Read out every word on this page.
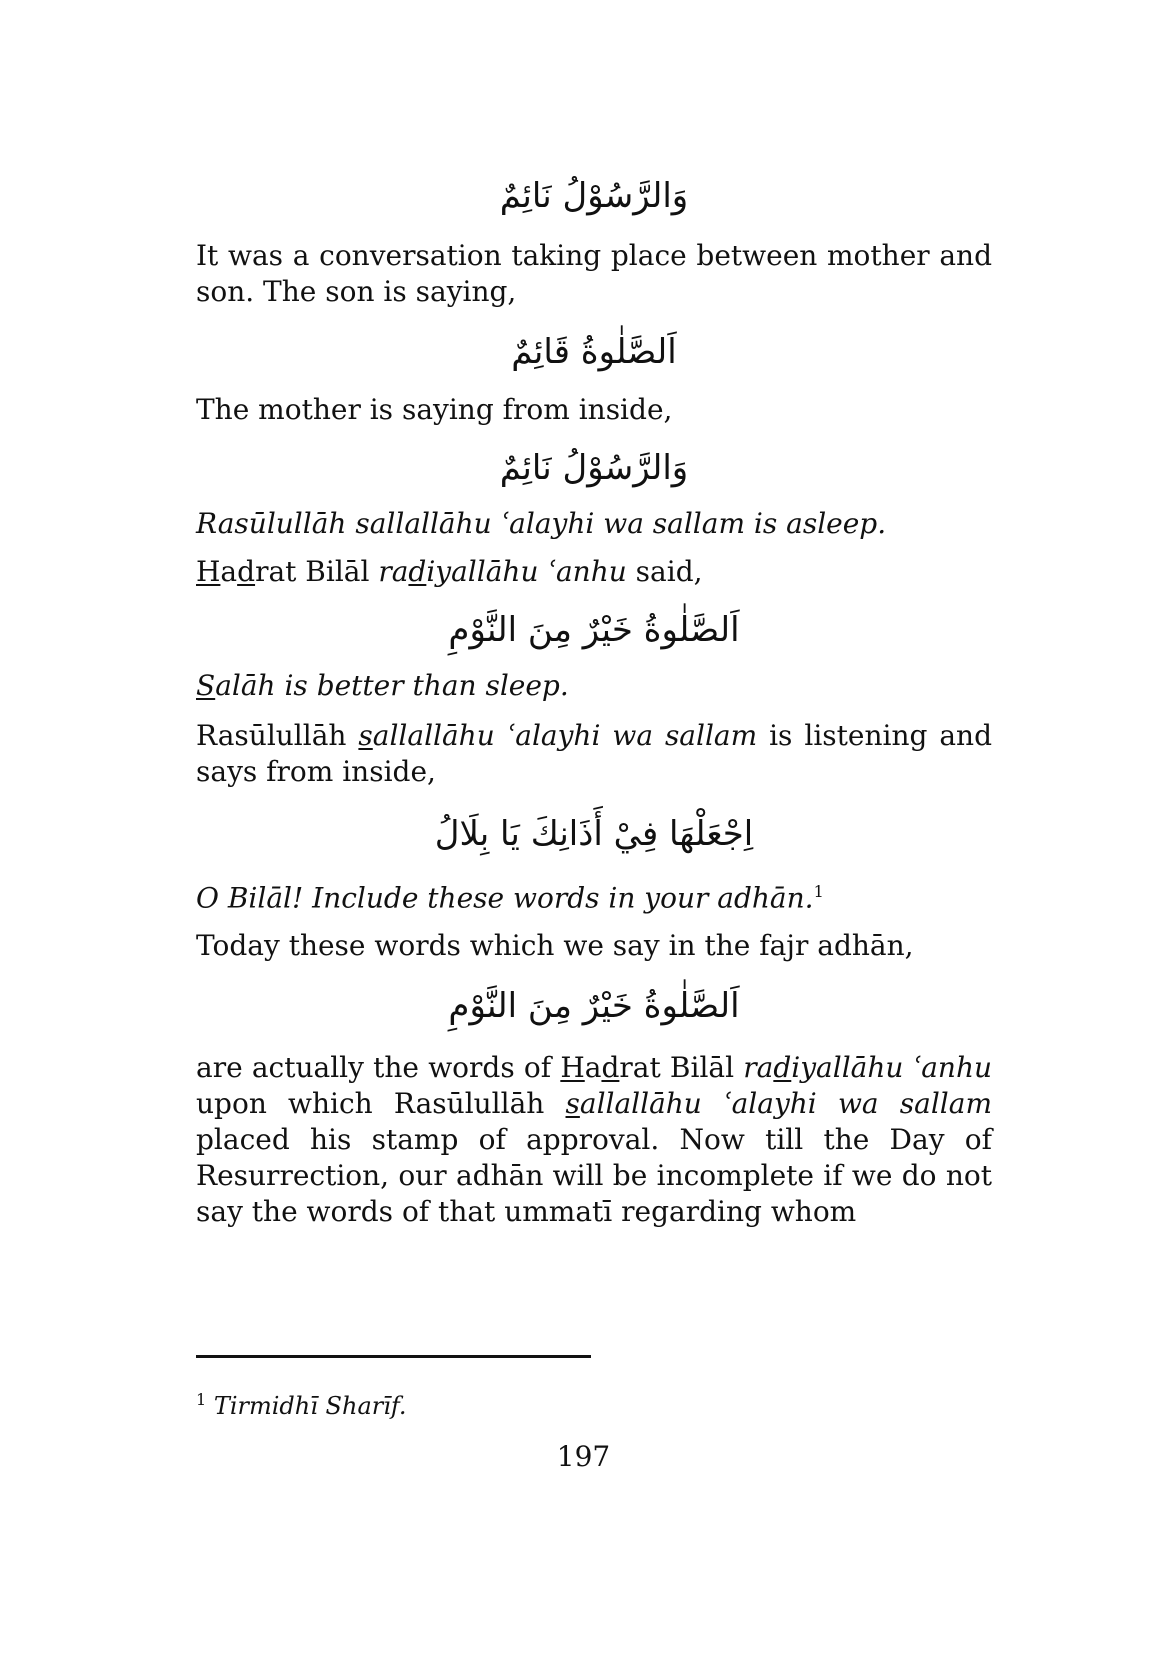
وَالرَّسُوْلُ نَائِمٌ

It was a conversation taking place between mother and son. The son is saying,

اَلصَّلٰوةُ قَائِمٌ

The mother is saying from inside,

وَالرَّسُوْلُ نَائِمٌ

Rasūlullāh sallallāhu ʿalayhi wa sallam is asleep.

Hadrat Bilāl radiyallāhu ʿanhu said,

اَلصَّلٰوةُ خَيْرٌ مِنَ النَّوْمِ

Salāh is better than sleep.

Rasūlullāh sallallāhu ʿalayhi wa sallam is listening and says from inside,

اِجْعَلْهَا فِيْ أَذَانِكَ يَا بِلَالُ

O Bilāl! Include these words in your adhān.$^1$

Today these words which we say in the fajr adhān,

اَلصَّلٰوةُ خَيْرٌ مِنَ النَّوْمِ

are actually the words of Hadrat Bilāl radiyallāhu ʿanhu upon which Rasūlullāh sallallāhu ʿalayhi wa sallam placed his stamp of approval. Now till the Day of Resurrection, our adhān will be incomplete if we do not say the words of that ummatī regarding whom

$^1$ Tirmidhī Sharīf.
197
